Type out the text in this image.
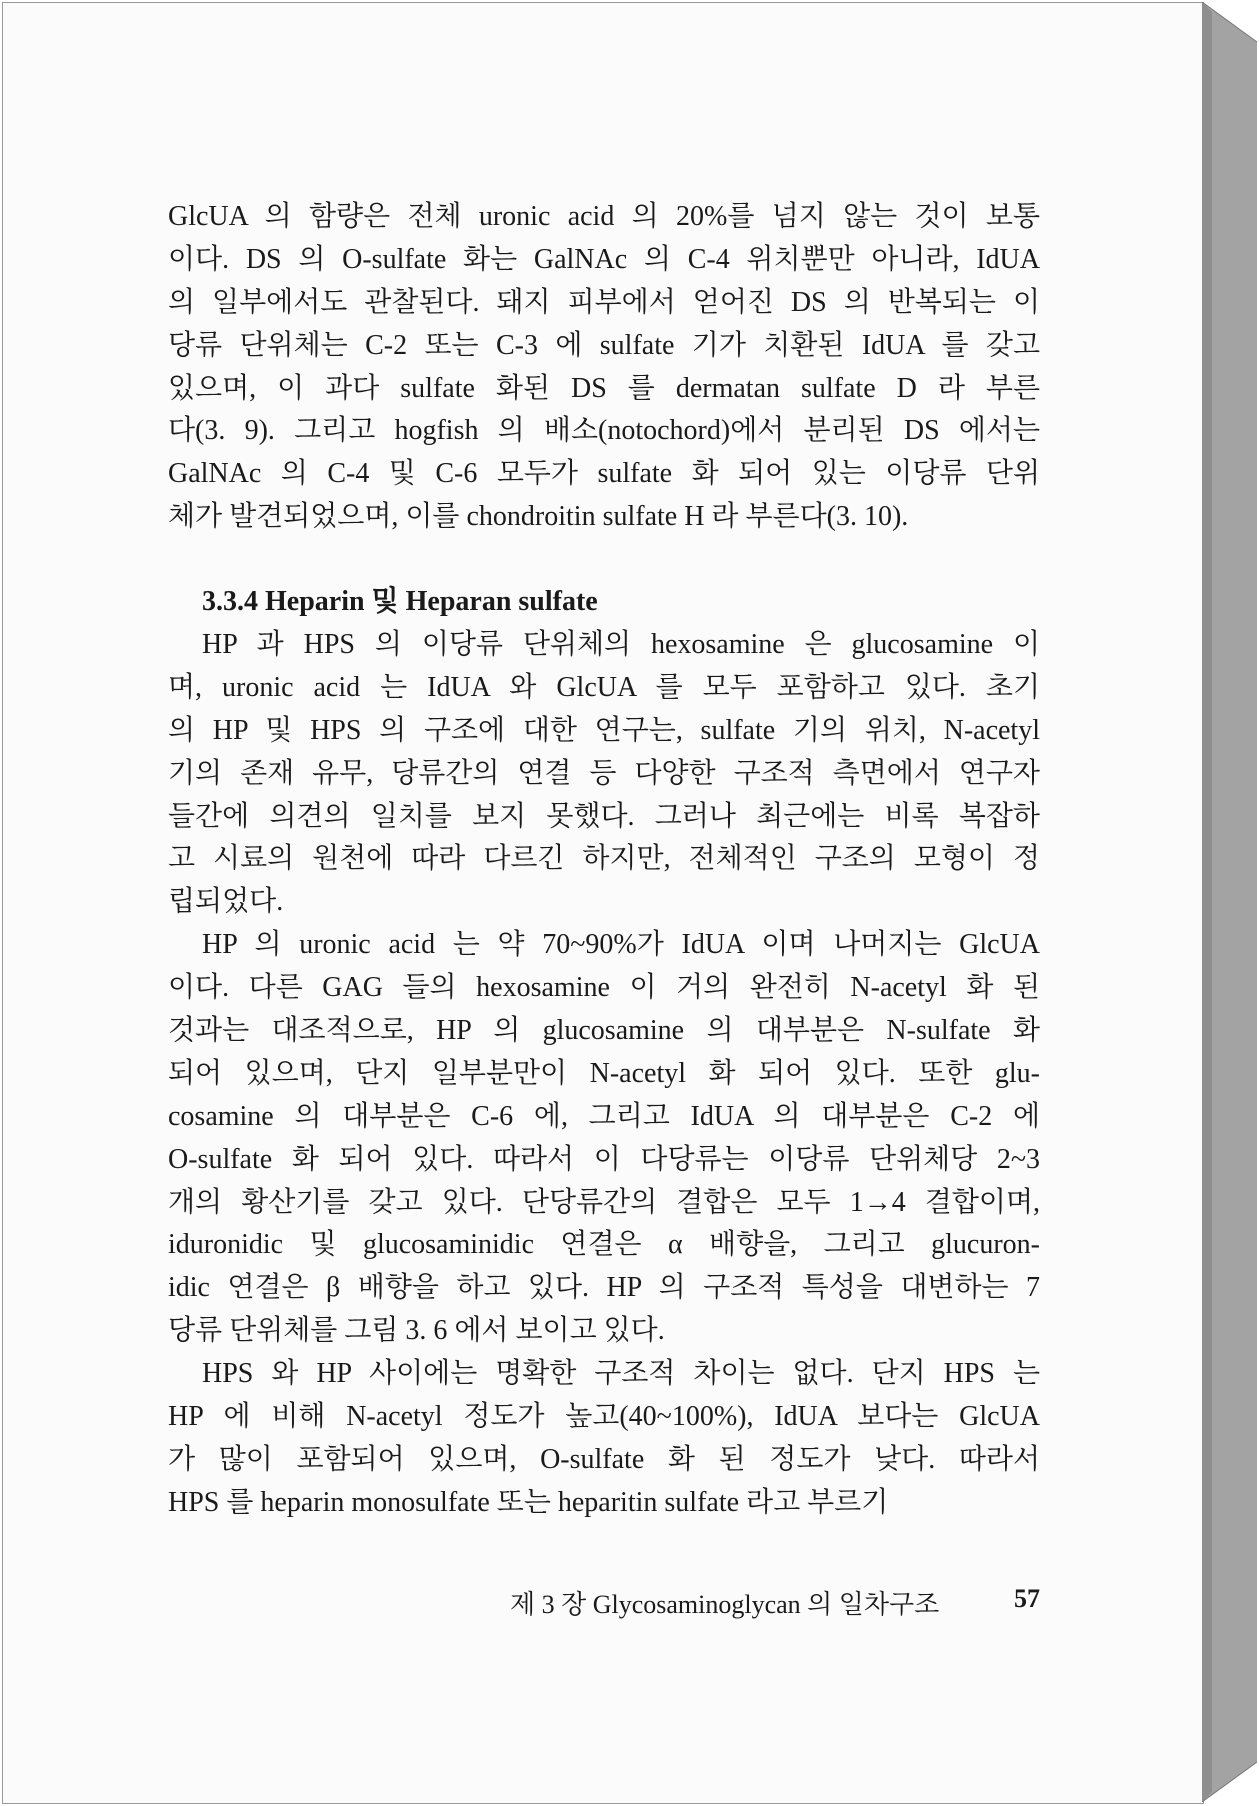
GlcUA 의 함량은 전체 uronic acid 의 20%를 넘지 않는 것이 보통
이다. DS 의 O-sulfate 화는 GalNAc 의 C-4 위치뿐만 아니라, IdUA
의 일부에서도 관찰된다. 돼지 피부에서 얻어진 DS 의 반복되는 이
당류 단위체는 C-2 또는 C-3 에 sulfate 기가 치환된 IdUA 를 갖고
있으며, 이 과다 sulfate 화된 DS 를 dermatan sulfate D 라 부른
다(3. 9). 그리고 hogfish 의 배소(notochord)에서 분리된 DS 에서는
GalNAc 의 C-4 및 C-6 모두가 sulfate 화 되어 있는 이당류 단위
체가 발견되었으며, 이를 chondroitin sulfate H 라 부른다(3. 10).
3.3.4 Heparin 및 Heparan sulfate
HP 과 HPS 의 이당류 단위체의 hexosamine 은 glucosamine 이
며, uronic acid 는 IdUA 와 GlcUA 를 모두 포함하고 있다. 초기
의 HP 및 HPS 의 구조에 대한 연구는, sulfate 기의 위치, N-acetyl
기의 존재 유무, 당류간의 연결 등 다양한 구조적 측면에서 연구자
들간에 의견의 일치를 보지 못했다. 그러나 최근에는 비록 복잡하
고 시료의 원천에 따라 다르긴 하지만, 전체적인 구조의 모형이 정
립되었다.
HP 의 uronic acid 는 약 70~90%가 IdUA 이며 나머지는 GlcUA
이다. 다른 GAG 들의 hexosamine 이 거의 완전히 N-acetyl 화 된
것과는 대조적으로, HP 의 glucosamine 의 대부분은 N-sulfate 화
되어 있으며, 단지 일부분만이 N-acetyl 화 되어 있다. 또한 glu-
cosamine 의 대부분은 C-6 에, 그리고 IdUA 의 대부분은 C-2 에
O-sulfate 화 되어 있다. 따라서 이 다당류는 이당류 단위체당 2~3
개의 황산기를 갖고 있다. 단당류간의 결합은 모두 1→4 결합이며,
iduronidic 및 glucosaminidic 연결은 α 배향을, 그리고 glucuron-
idic 연결은 β 배향을 하고 있다. HP 의 구조적 특성을 대변하는 7
당류 단위체를 그림 3. 6 에서 보이고 있다.
HPS 와 HP 사이에는 명확한 구조적 차이는 없다. 단지 HPS 는
HP 에 비해 N-acetyl 정도가 높고(40~100%), IdUA 보다는 GlcUA
가 많이 포함되어 있으며, O-sulfate 화 된 정도가 낮다. 따라서
HPS 를 heparin monosulfate 또는 heparitin sulfate 라고 부르기
제 3 장 Glycosaminoglycan 의 일차구조	57
